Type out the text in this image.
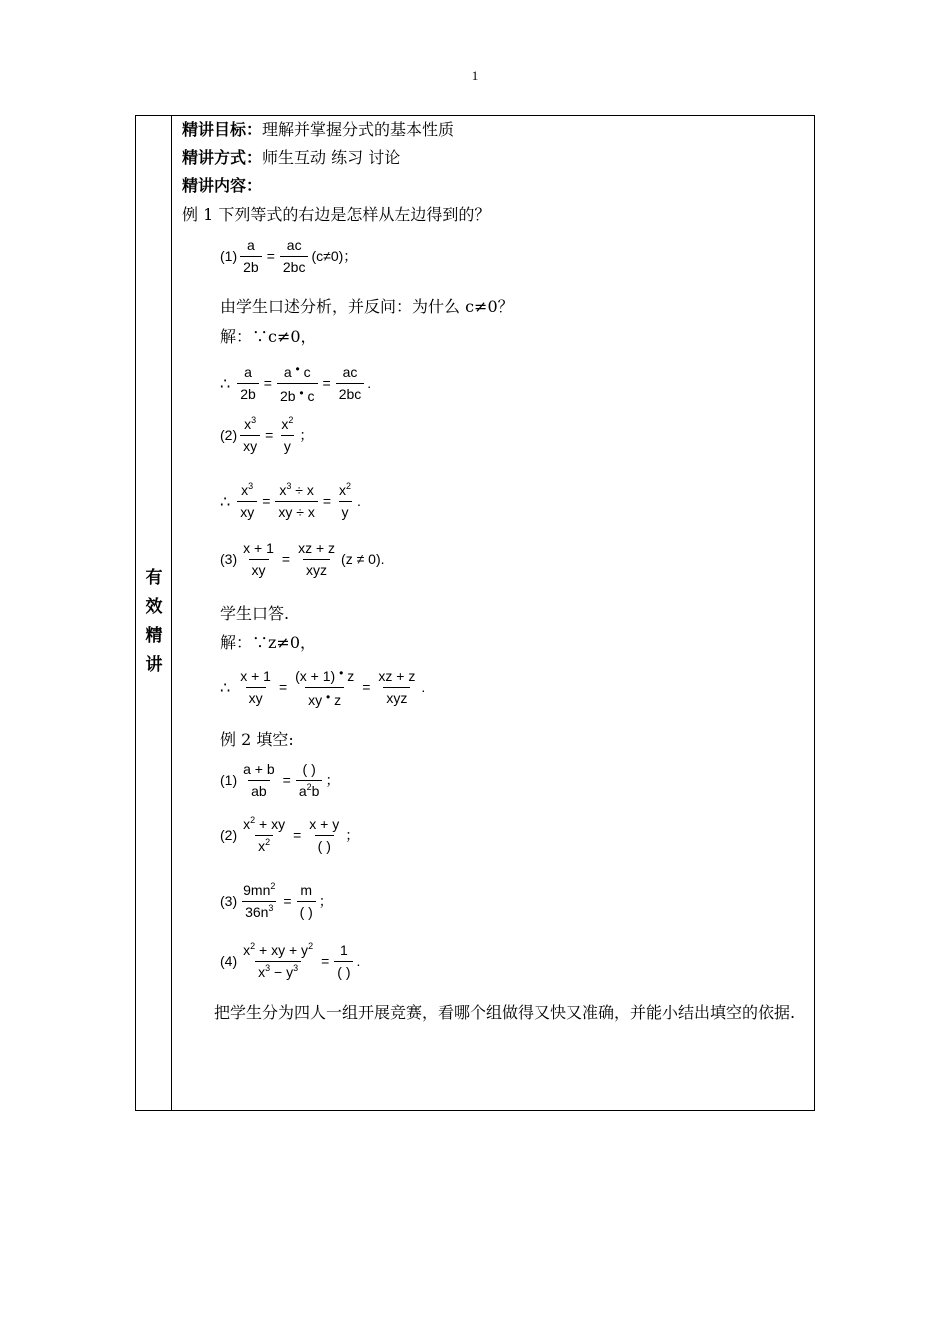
1
有
效
精
讲
精讲目标：理解并掌握分式的基本性质
精讲方式：师生互动 练习 讨论
精讲内容：
例 1 下列等式的右边是怎样从左边得到的？
$(1) \frac{a}{2b} = \frac{ac}{2bc} (c\ne 0)$；
由学生口述分析，并反问：为什么 c≠0？
解：∵c≠0，
∴ $\frac{a}{2b} = \frac{a • c}{2b • c} = \frac{ac}{2bc}$ .
$(2) \frac{x^3}{xy} = \frac{x^2}{y}$ ；
∴ $\frac{x^3}{xy} = \frac{x^3 \div x}{xy \div x} = \frac{x^2}{y}$ .
$(3) \frac{x + 1}{xy} = \frac{xz + z}{\text{xyz}} (z \ne 0)$.
学生口答.
解：∵z≠0，
∴ $\frac{x + 1}{xy} = \frac{(x + 1) • z}{xy • z} = \frac{xz + z}{\text{xyz}}$ .
例 2 填空:
$(1) \frac{a + b}{ab} = \frac{( )}{a^2b}$ ；
$(2) \frac{x^2 + xy}{x^2} = \frac{x + y}{( )}$ ；
$(3) \frac{9mn^2}{36n^3} = \frac{m}{( )}$ ；
$(4) \frac{x^2 + xy + y^2}{x^3 - y^3} = \frac{1}{( )}$ .
把学生分为四人一组开展竞赛，看哪个组做得又快又准确，并能小结出填空的依据.
